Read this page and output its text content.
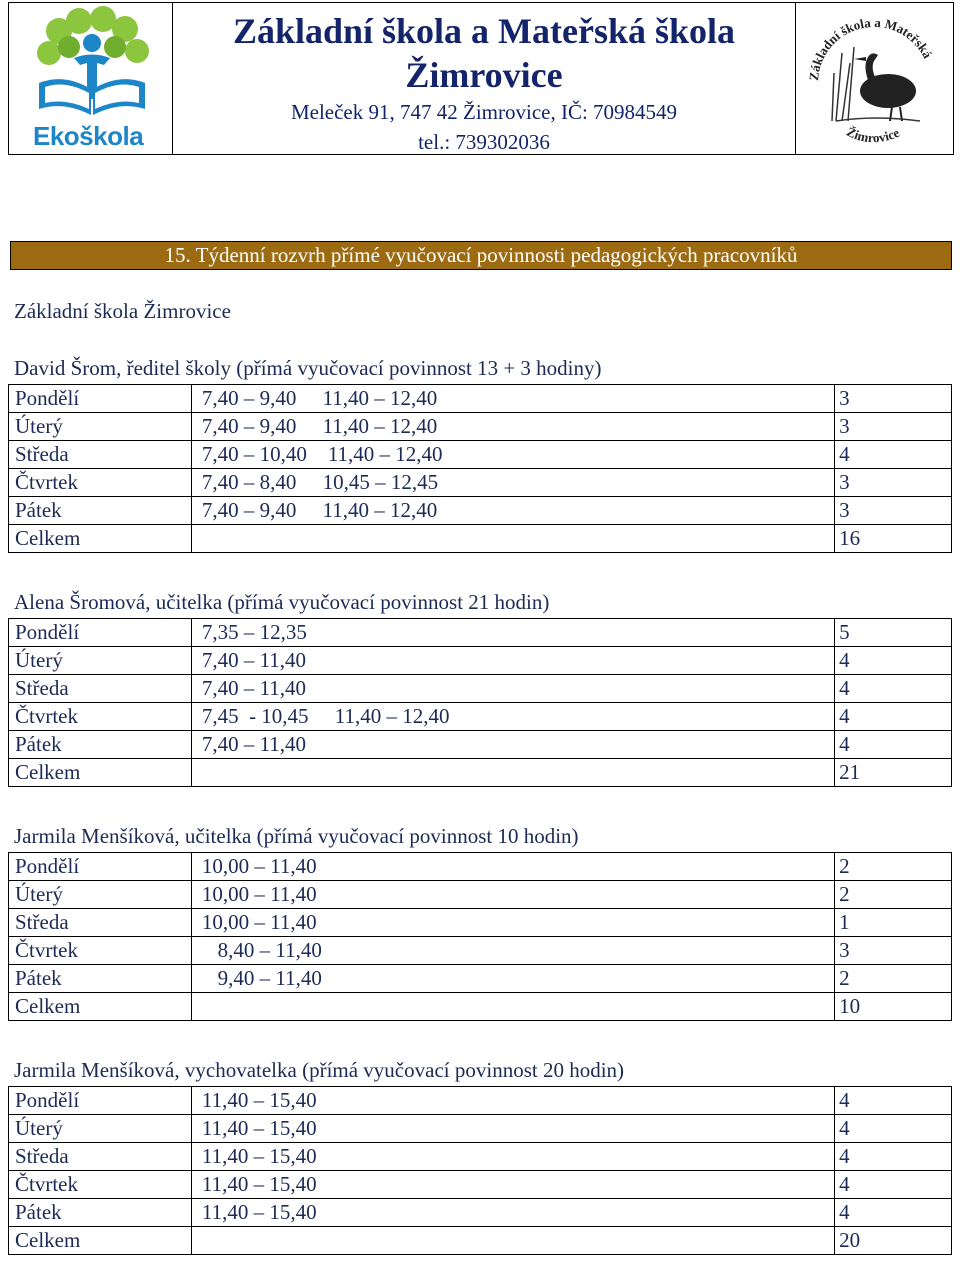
Ekoškola
Základní škola a Mateřská škola
Žimrovice
Meleček 91, 747 42 Žimrovice, IČ: 70984549
tel.: 739302036
Základní škola a Mateřská
Žimrovice
15. Týdenní rozvrh přímé vyučovací povinnosti pedagogických pracovníků
Základní škola Žimrovice
David Šrom, ředitel školy (přímá vyučovací povinnost 13 + 3 hodiny)
Pondělí	7,40 – 9,40     11,40 – 12,40	3
Úterý	7,40 – 9,40     11,40 – 12,40	3
Středa	7,40 – 10,40    11,40 – 12,40	4
Čtvrtek	7,40 – 8,40     10,45 – 12,45	3
Pátek	7,40 – 9,40     11,40 – 12,40	3
Celkem		16
Alena Šromová, učitelka (přímá vyučovací povinnost 21 hodin)
Pondělí	7,35 – 12,35	5
Úterý	7,40 – 11,40	4
Středa	7,40 – 11,40	4
Čtvrtek	7,45  - 10,45     11,40 – 12,40	4
Pátek	7,40 – 11,40	4
Celkem		21
Jarmila Menšíková, učitelka (přímá vyučovací povinnost 10 hodin)
Pondělí	10,00 – 11,40	2
Úterý	10,00 – 11,40	2
Středa	10,00 – 11,40	1
Čtvrtek	8,40 – 11,40	3
Pátek	9,40 – 11,40	2
Celkem		10
Jarmila Menšíková, vychovatelka (přímá vyučovací povinnost 20 hodin)
Pondělí	11,40 – 15,40	4
Úterý	11,40 – 15,40	4
Středa	11,40 – 15,40	4
Čtvrtek	11,40 – 15,40	4
Pátek	11,40 – 15,40	4
Celkem		20
